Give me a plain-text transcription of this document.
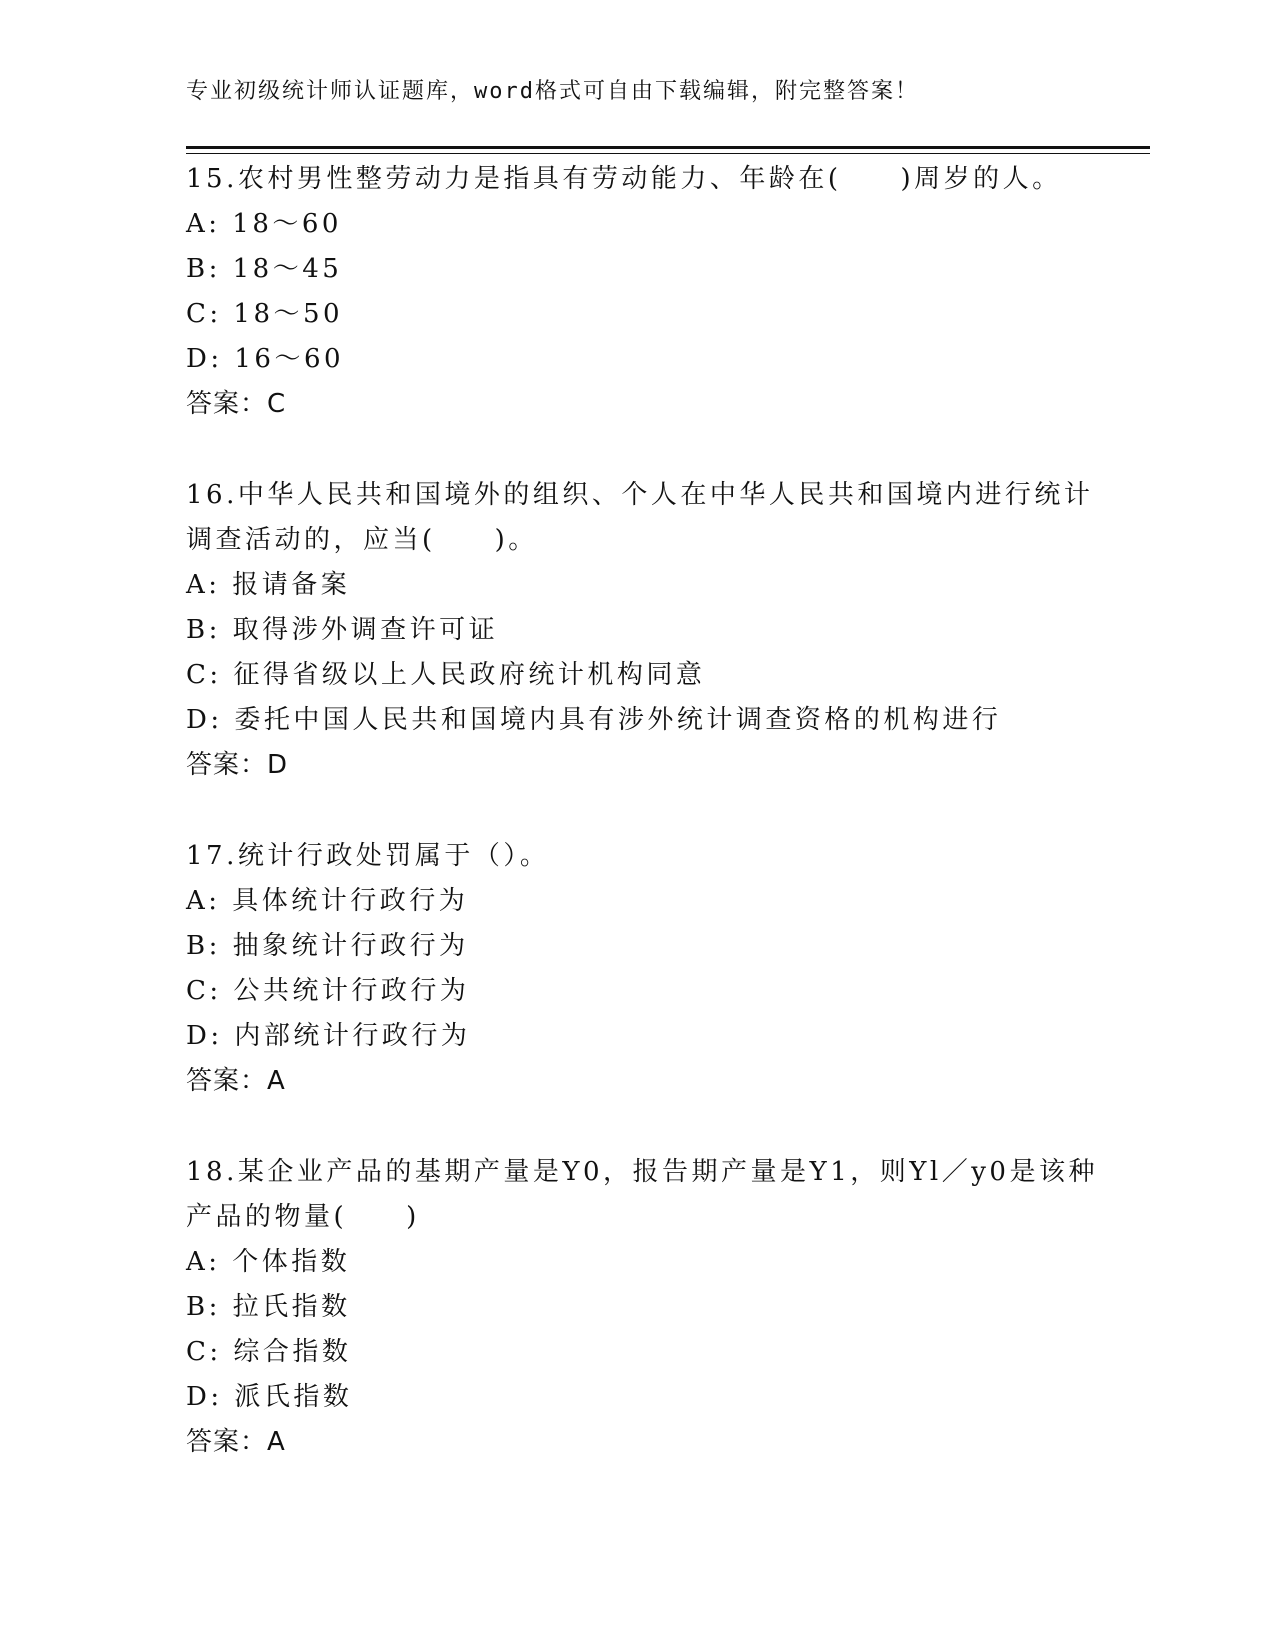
专业初级统计师认证题库，word格式可自由下载编辑，附完整答案！
15.农村男性整劳动力是指具有劳动能力、年龄在(　　)周岁的人。
A: 18～60
B: 18～45
C: 18～50
D: 16～60
答案：C
16.中华人民共和国境外的组织、个人在中华人民共和国境内进行统计
调查活动的，应当(　　)。
A: 报请备案
B: 取得涉外调查许可证
C: 征得省级以上人民政府统计机构同意
D: 委托中国人民共和国境内具有涉外统计调查资格的机构进行
答案：D
17.统计行政处罚属于（）。
A: 具体统计行政行为
B: 抽象统计行政行为
C: 公共统计行政行为
D: 内部统计行政行为
答案：A
18.某企业产品的基期产量是Y0，报告期产量是Y1，则Yl／y0是该种
产品的物量(　　)
A: 个体指数
B: 拉氏指数
C: 综合指数
D: 派氏指数
答案：A
